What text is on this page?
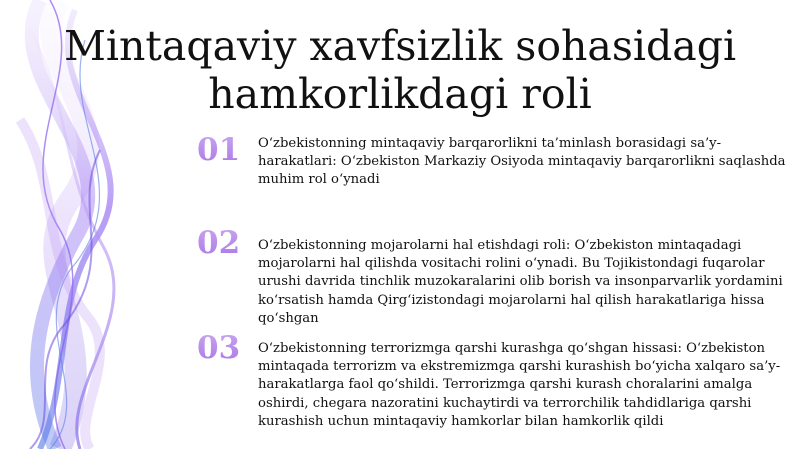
Mintaqaviy xavfsizlik sohasidagi hamkorlikdagi roli
01 O‘zbekistonning mintaqaviy barqarorlikni ta’minlash borasidagi sa’y-harakatlari: O‘zbekiston Markaziy Osiyoda mintaqaviy barqarorlikni saqlashda muhim rol o‘ynadi

02 O‘zbekistonning mojarolarni hal etishdagi roli: O‘zbekiston mintaqadagi mojarolarni hal qilishda vositachi rolini o‘ynadi. Bu Tojikistondagi fuqarolar urushi davrida tinchlik muzokaralarini olib borish va insonparvarlik yordamini ko‘rsatish hamda Qirg‘izistondagi mojarolarni hal qilish harakatlariga hissa qo‘shgan

03 O‘zbekistonning terrorizmga qarshi kurashga qo‘shgan hissasi: O‘zbekiston mintaqada terrorizm va ekstremizmga qarshi kurashish bo‘yicha xalqaro sa’y-harakatlarga faol qo‘shildi. Terrorizmga qarshi kurash choralarini amalga oshirdi, chegara nazoratini kuchaytirdi va terrorchilik tahdidlariga qarshi kurashish uchun mintaqaviy hamkorlar bilan hamkorlik qildi
